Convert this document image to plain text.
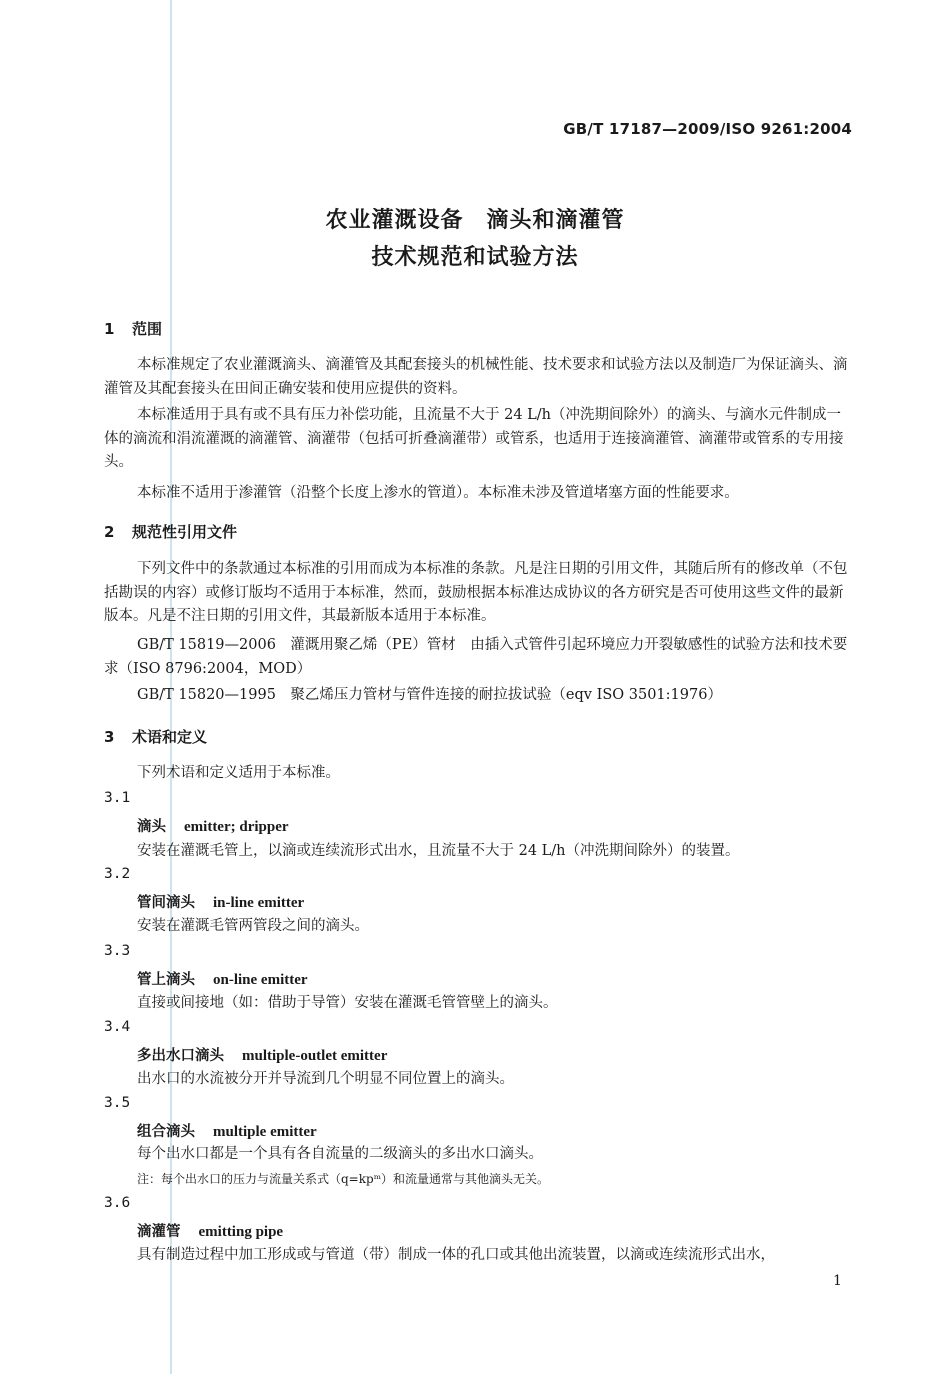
GB/T 17187—2009/ISO 9261:2004
农业灌溉设备　滴头和滴灌管
技术规范和试验方法
1 范围
本标准规定了农业灌溉滴头、滴灌管及其配套接头的机械性能、技术要求和试验方法以及制造厂为保证滴头、滴灌管及其配套接头在田间正确安装和使用应提供的资料。
本标准适用于具有或不具有压力补偿功能，且流量不大于 24 L/h（冲洗期间除外）的滴头、与滴水元件制成一体的滴流和涓流灌溉的滴灌管、滴灌带（包括可折叠滴灌带）或管系，也适用于连接滴灌管、滴灌带或管系的专用接头。
本标准不适用于渗灌管（沿整个长度上渗水的管道）。本标准未涉及管道堵塞方面的性能要求。
2 规范性引用文件
下列文件中的条款通过本标准的引用而成为本标准的条款。凡是注日期的引用文件，其随后所有的修改单（不包括勘误的内容）或修订版均不适用于本标准，然而，鼓励根据本标准达成协议的各方研究是否可使用这些文件的最新版本。凡是不注日期的引用文件，其最新版本适用于本标准。
GB/T 15819—2006　灌溉用聚乙烯（PE）管材　由插入式管件引起环境应力开裂敏感性的试验方法和技术要求（ISO 8796:2004，MOD）
GB/T 15820—1995　聚乙烯压力管材与管件连接的耐拉拔试验（eqv ISO 3501:1976）
3 术语和定义
下列术语和定义适用于本标准。
3.1
滴头 emitter; dripper
安装在灌溉毛管上，以滴或连续流形式出水，且流量不大于 24 L/h（冲洗期间除外）的装置。
3.2
管间滴头 in-line emitter
安装在灌溉毛管两管段之间的滴头。
3.3
管上滴头 on-line emitter
直接或间接地（如：借助于导管）安装在灌溉毛管管壁上的滴头。
3.4
多出水口滴头 multiple-outlet emitter
出水口的水流被分开并导流到几个明显不同位置上的滴头。
3.5
组合滴头 multiple emitter
每个出水口都是一个具有各自流量的二级滴头的多出水口滴头。
注：每个出水口的压力与流量关系式（q=kpᵐ）和流量通常与其他滴头无关。
3.6
滴灌管 emitting pipe
具有制造过程中加工形成或与管道（带）制成一体的孔口或其他出流装置，以滴或连续流形式出水，
1
